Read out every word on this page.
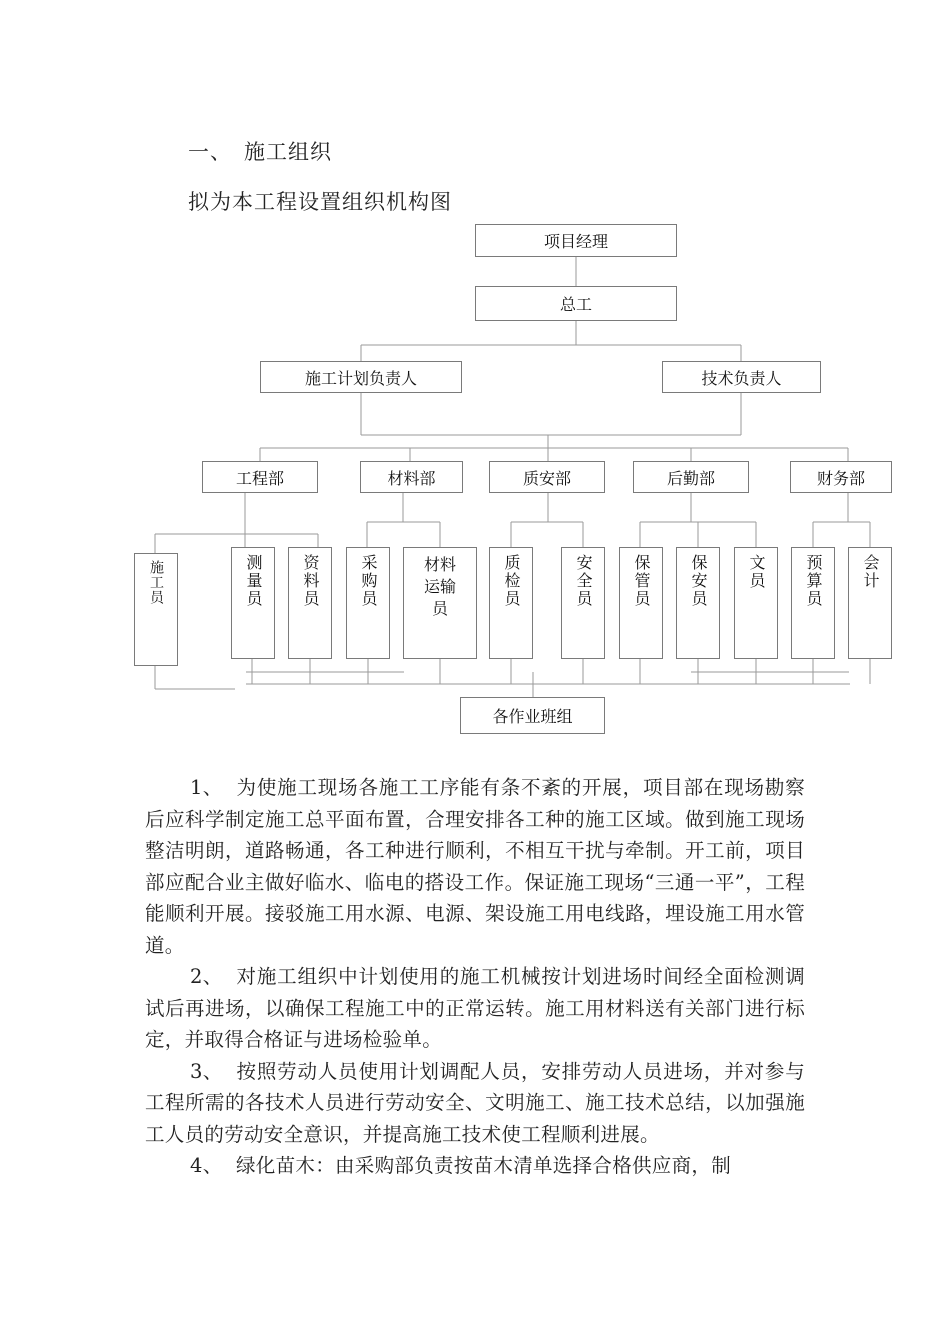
一、 施工组织
拟为本工程设置组织机构图
项目经理
总工
施工计划负责人	技术负责人
工程部	材料部	质安部	后勤部	财务部
施工员	测量员 资料员 采购员	材料运输员
质检员	安全员 保管员 保安员 文员 预算员 会计
各作业班组

1、 为使施工现场各施工工序能有条不紊的开展，项目部在现场勘察后应科学制定施工总平面布置，合理安排各工种的施工区域。做到施工现场整洁明朗，道路畅通，各工种进行顺利，不相互干扰与牵制。开工前，项目部应配合业主做好临水、临电的搭设工作。保证施工现场“三通一平”，工程能顺利开展。接驳施工用水源、电源、架设施工用电线路，埋设施工用水管道。

2、 对施工组织中计划使用的施工机械按计划进场时间经全面检测调试后再进场，以确保工程施工中的正常运转。施工用材料送有关部门进行标定，并取得合格证与进场检验单。

3、 按照劳动人员使用计划调配人员，安排劳动人员进场，并对参与工程所需的各技术人员进行劳动安全、文明施工、施工技术总结，以加强施工人员的劳动安全意识，并提高施工技术使工程顺利进展。

4、 绿化苗木：由采购部负责按苗木清单选择合格供应商，制
